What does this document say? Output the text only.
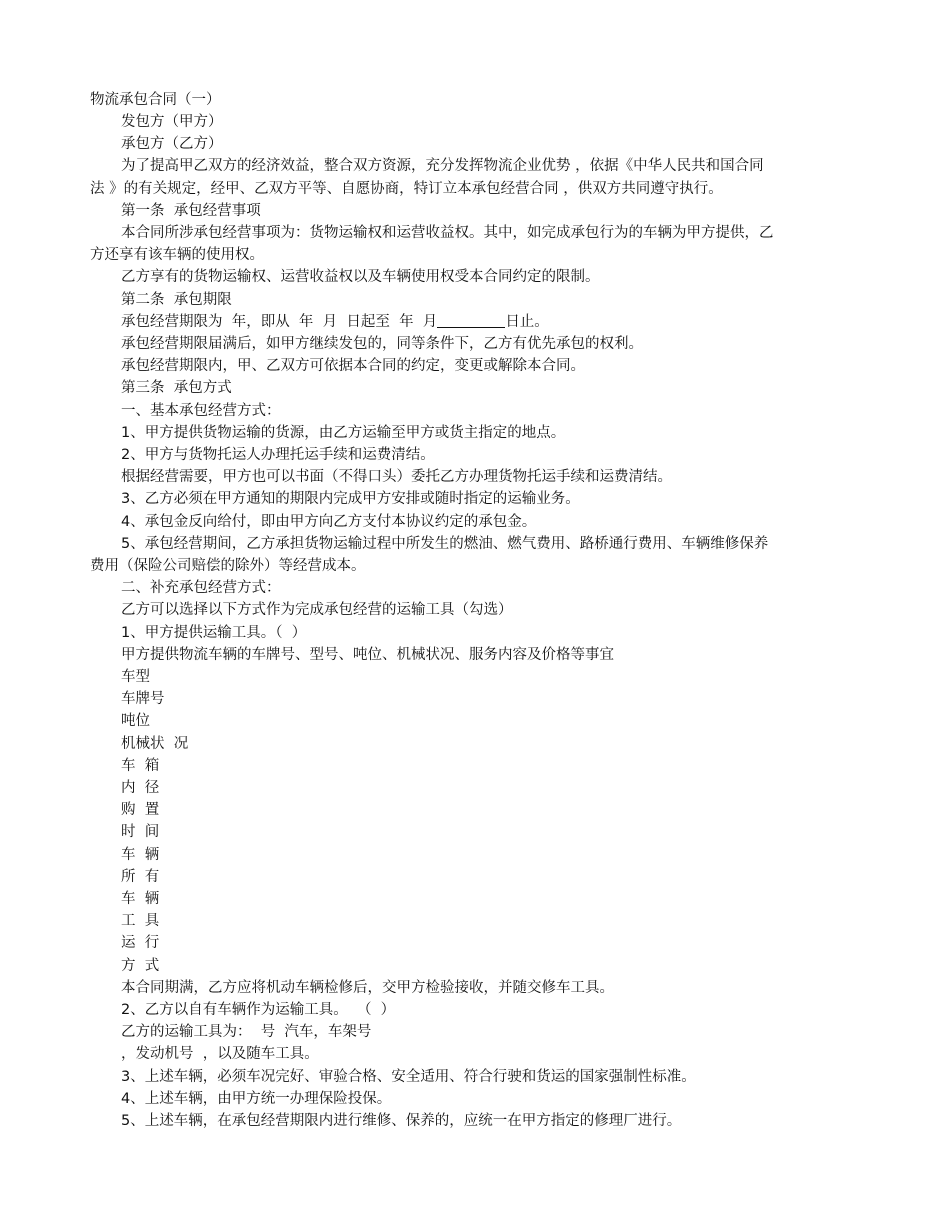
物流承包合同（一）

发包方（甲方）

承包方（乙方）

为了提高甲乙双方的经济效益，整合双方资源，充分发挥物流企业优势 ，依据《中华人民共和国合同

法 》的有关规定，经甲、乙双方平等、自愿协商，特订立本承包经营合同 ，供双方共同遵守执行。

第一条  承包经营事项

本合同所涉承包经营事项为：货物运输权和运营收益权。其中，如完成承包行为的车辆为甲方提供，乙

方还享有该车辆的使用权。

乙方享有的货物运输权、运营收益权以及车辆使用权受本合同约定的限制。

第二条  承包期限

承包经营期限为  年，即从  年  月  日起至  年  月	日止。

承包经营期限届满后，如甲方继续发包的，同等条件下，乙方有优先承包的权利。

承包经营期限内，甲、乙双方可依据本合同的约定，变更或解除本合同。

第三条  承包方式

一、基本承包经营方式：

1、甲方提供货物运输的货源，由乙方运输至甲方或货主指定的地点。

2、甲方与货物托运人办理托运手续和运费清结。

根据经营需要，甲方也可以书面（不得口头）委托乙方办理货物托运手续和运费清结。

3、乙方必须在甲方通知的期限内完成甲方安排或随时指定的运输业务。

4、承包金反向给付，即由甲方向乙方支付本协议约定的承包金。

5、承包经营期间，乙方承担货物运输过程中所发生的燃油、燃气费用、路桥通行费用、车辆维修保养

费用（保险公司赔偿的除外）等经营成本。

二、补充承包经营方式：

乙方可以选择以下方式作为完成承包经营的运输工具（勾选）

1、甲方提供运输工具。（  ）

甲方提供物流车辆的车牌号、型号、吨位、机械状况、服务内容及价格等事宜

车型

车牌号

吨位

机械状  况

车  箱

内  径

购  置

时  间

车  辆

所  有

车  辆

工  具

运  行

方  式

本合同期满，乙方应将机动车辆检修后，交甲方检验接收，并随交修车工具。

2、乙方以自有车辆作为运输工具。  （  ）

乙方的运输工具为：  号  汽车，车架号

，发动机号  ，以及随车工具。

3、上述车辆，必须车况完好、审验合格、安全适用、符合行驶和货运的国家强制性标准。

4、上述车辆，由甲方统一办理保险投保。

5、上述车辆，在承包经营期限内进行维修、保养的，应统一在甲方指定的修理厂进行。
